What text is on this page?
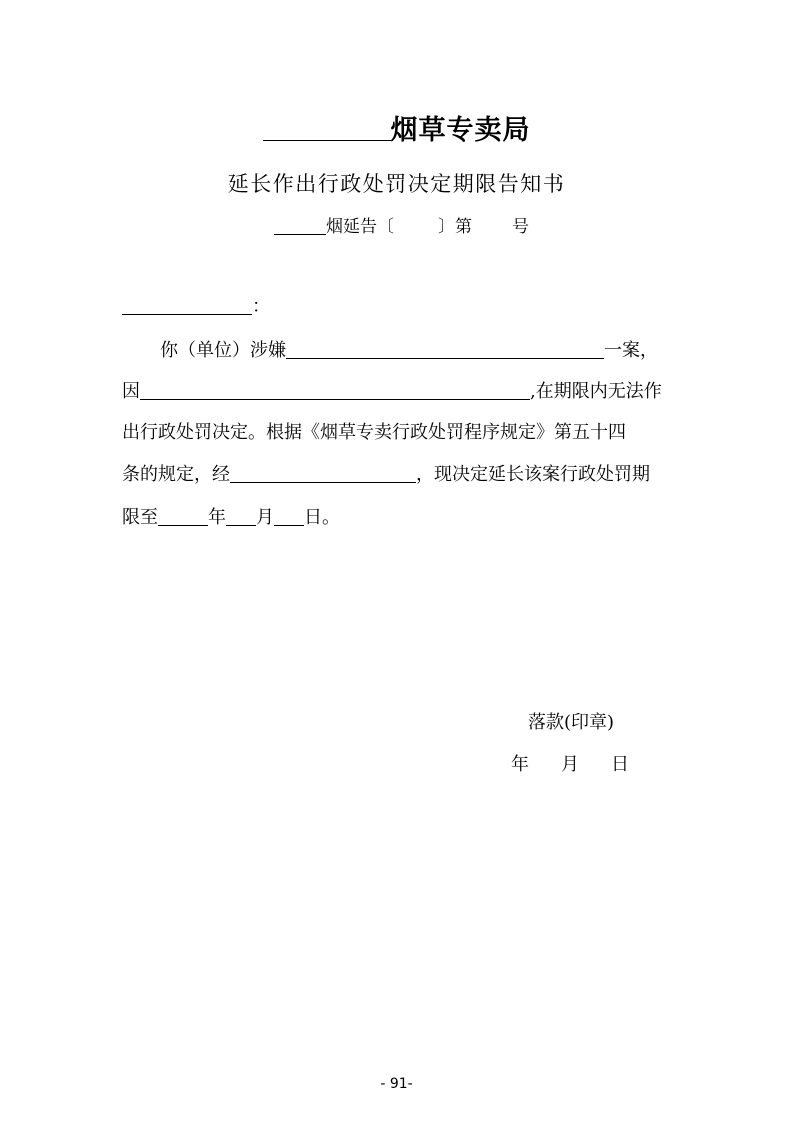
烟草专卖局
延长作出行政处罚决定期限告知书
烟延告〔	〕第 号
：
你（单位）涉嫌	一案，
因	,在期限内无法作
出行政处罚决定。根据《烟草专卖行政处罚程序规定》第五十四
条的规定，经	，现决定延长该案行政处罚期
限至	年 月 日。
落款(印章)
年 月 日
- 91-
